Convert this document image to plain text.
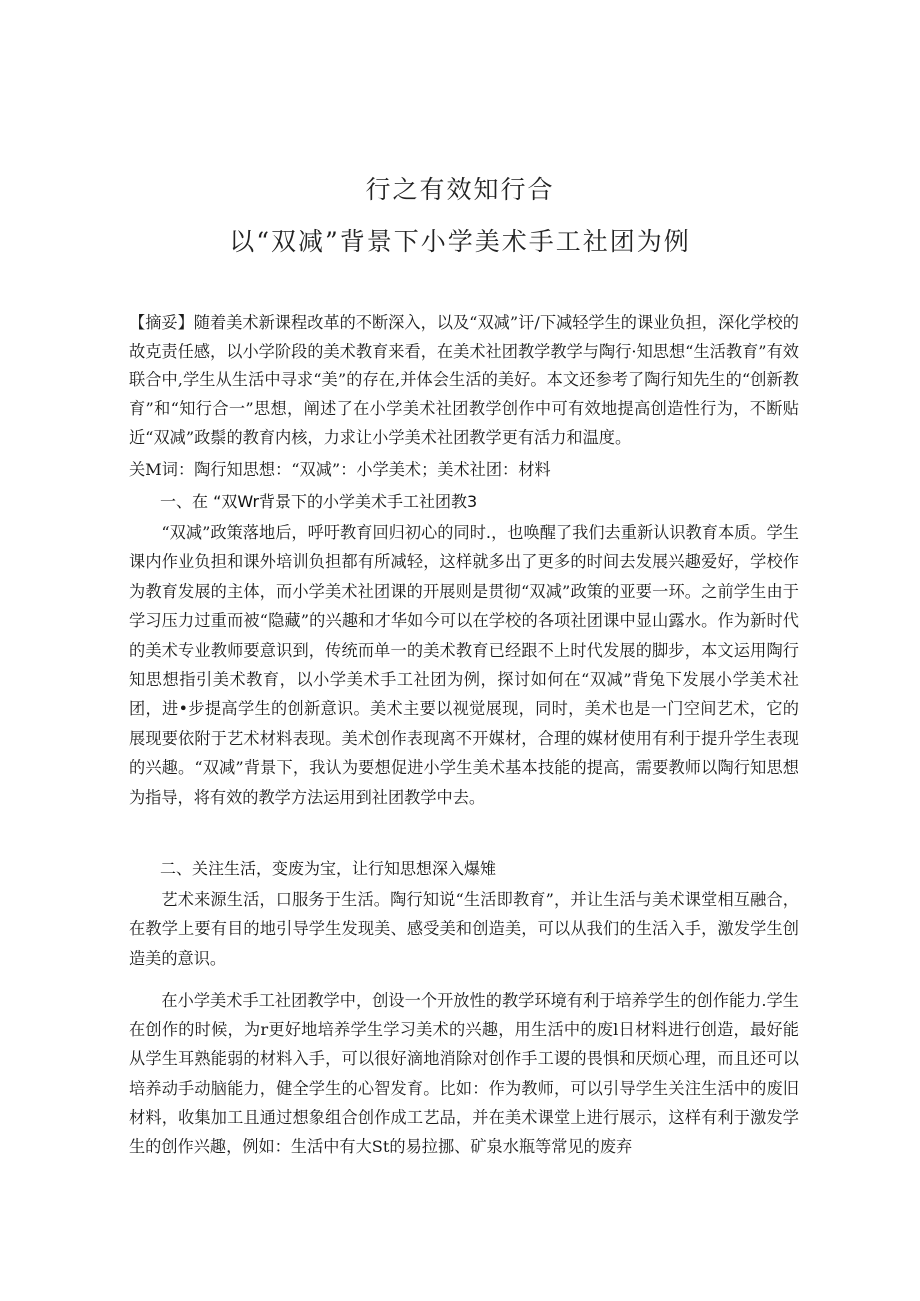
行之有效知行合
以“双减”背景下小学美术手工社团为例
【摘妥】随着美术新课程改革的不断深入，以及“双减”讦/下减轻学生的课业负担，深化学校的故克责任感，以小学阶段的美术教育来看，在美术社团教学教学与陶行·知思想“生活教育”有效联合中,学生从生活中寻求“美”的存在,并体会生活的美好。本文还参考了陶行知先生的“创新教育”和“知行合一”思想，阐述了在小学美术社团教学创作中可有效地提高创造性行为，不断贴近“双减”政鬃的教育内核，力求让小学美术社团教学更有活力和温度。
关M词：陶行知思想：“双减”：小学美术；美术社团：材料
一、在 “双Wr背景下的小学美术手工社团教3
“双减”政策落地后，呼吁教育回归初心的同时.，也唤醒了我们去重新认识教育本质。学生课内作业负担和课外培训负担都有所减轻，这样就多出了更多的时间去发展兴趣爱好，学校作为教育发展的主体，而小学美术社团课的开展则是贯彻“双减”政策的亚要一环。之前学生由于学习压力过重而被“隐藏”的兴趣和才华如今可以在学校的各项社团课中显山露水。作为新时代的美术专业教师要意识到，传统而单一的美术教育已经跟不上时代发展的脚步，本文运用陶行知思想指引美术教育，以小学美术手工社团为例，探讨如何在“双减”背兔下发展小学美术社团，进•步提高学生的创新意识。美术主要以视觉展现，同时，美术也是一门空间艺术，它的展现要依附于艺术材料表现。美术创作表现离不开媒材，合理的媒材使用有利于提升学生表现的兴趣。“双减”背景下，我认为要想促进小学生美术基本技能的提高，需要教师以陶行知思想为指导，将有效的教学方法运用到社团教学中去。
二、关注生活，变废为宝，让行知思想深入爆雉
艺术来源生活，口服务于生活。陶行知说“生活即教育”，并让生活与美术课堂相互融合，在教学上要有目的地引导学生发现美、感受美和创造美，可以从我们的生活入手，激发学生创造美的意识。
在小学美术手工社团教学中，创设一个开放性的教学环境有利于培养学生的创作能力.学生在创作的时候，为r更好地培养学生学习美术的兴趣，用生活中的废l日材料进行创造，最好能从学生耳熟能弱的材料入手，可以很好滴地消除对创作手工谡的畏惧和厌烦心理，而且还可以培养动手动脑能力，健全学生的心智发育。比如：作为教师，可以引导学生关注生活中的废旧材料，收集加工且通过想象组合创作成工艺品，并在美术课堂上进行展示，这样有利于激发学生的创作兴趣，例如：生活中有大St的易拉挪、矿泉水瓶等常见的废弃
